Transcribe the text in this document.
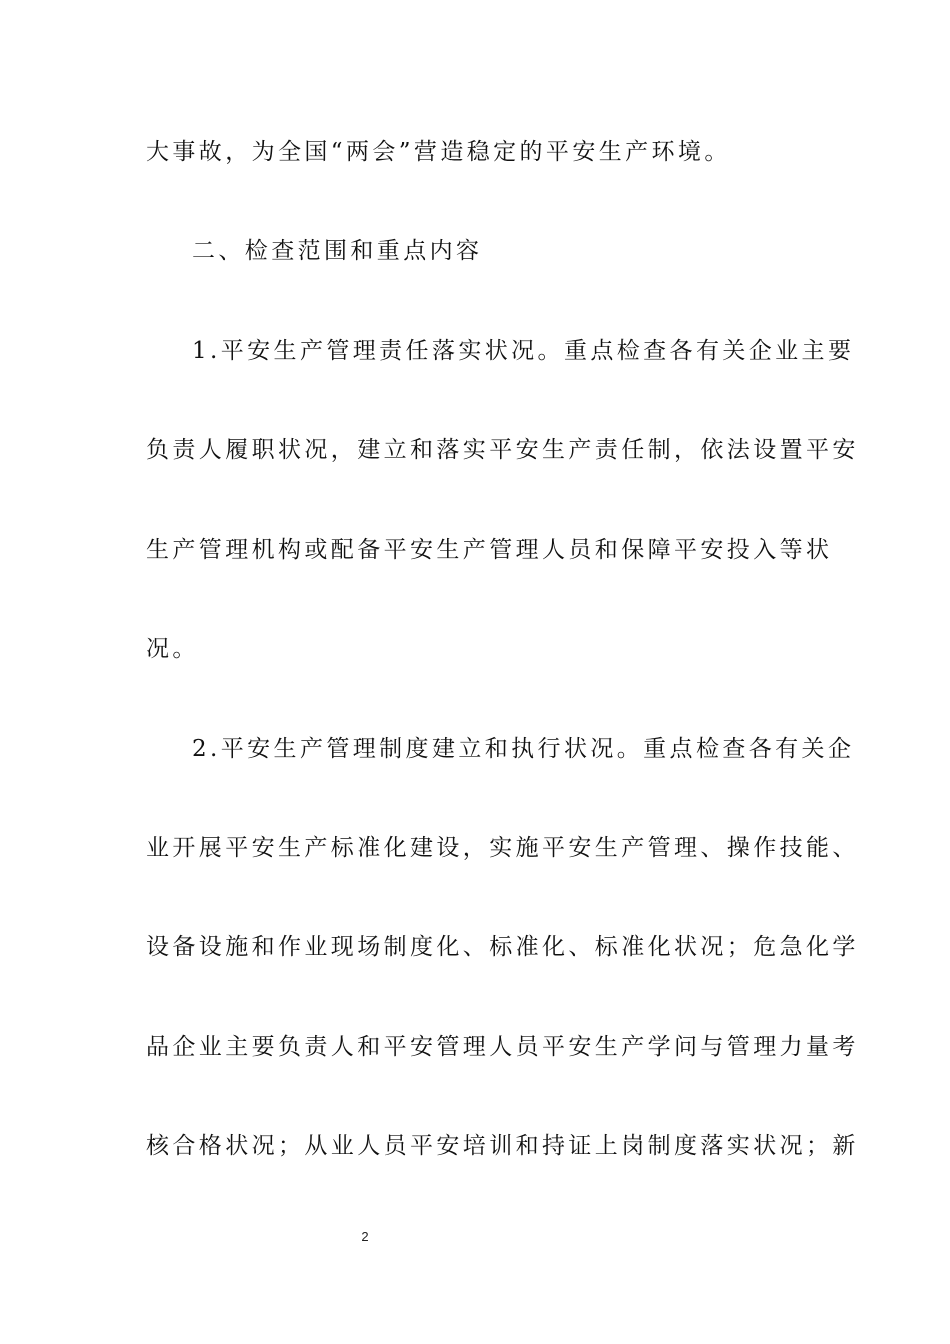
大事故，为全国“两会”营造稳定的平安生产环境。
二、检查范围和重点内容
1.平安生产管理责任落实状况。重点检查各有关企业主要
负责人履职状况，建立和落实平安生产责任制，依法设置平安
生产管理机构或配备平安生产管理人员和保障平安投入等状
况。
2.平安生产管理制度建立和执行状况。重点检查各有关企
业开展平安生产标准化建设，实施平安生产管理、操作技能、
设备设施和作业现场制度化、标准化、标准化状况；危急化学
品企业主要负责人和平安管理人员平安生产学问与管理力量考
核合格状况；从业人员平安培训和持证上岗制度落实状况；新
2
